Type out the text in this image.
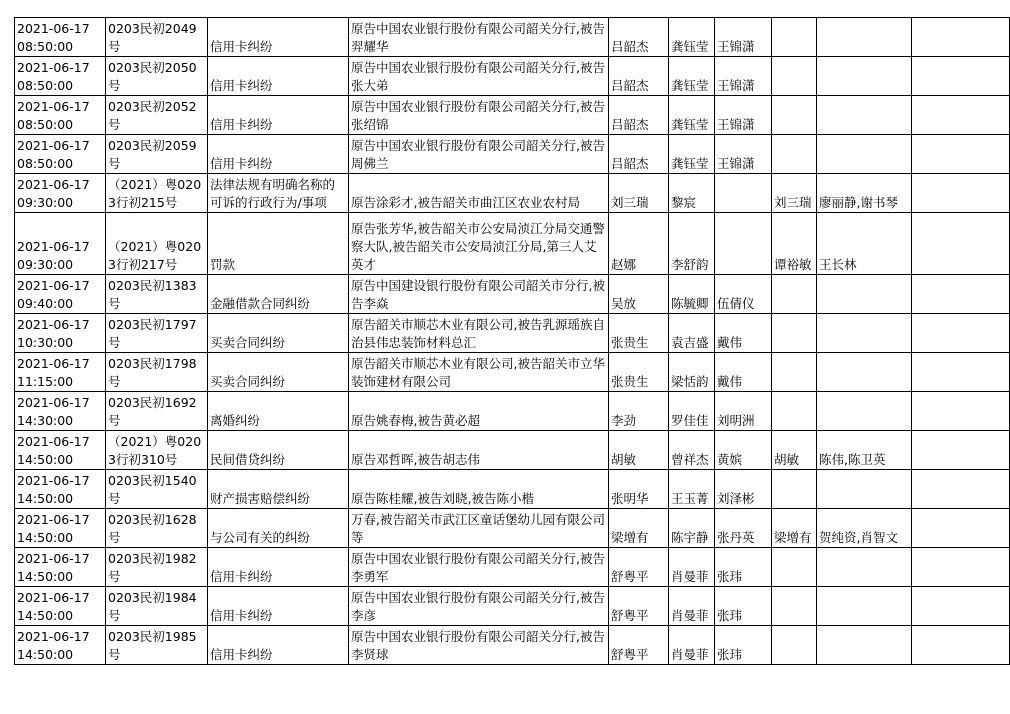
2021-06-17
08:50:00	0203民初2049号	信用卡纠纷	原告中国农业银行股份有限公司韶关分行,被告羿耀华	吕韶杰	龚钰莹	王锦潇			

2021-06-17
08:50:00	0203民初2050号	信用卡纠纷	原告中国农业银行股份有限公司韶关分行,被告张大弟	吕韶杰	龚钰莹	王锦潇			

2021-06-17
08:50:00	0203民初2052号	信用卡纠纷	原告中国农业银行股份有限公司韶关分行,被告张绍锦	吕韶杰	龚钰莹	王锦潇			

2021-06-17
08:50:00	0203民初2059号	信用卡纠纷	原告中国农业银行股份有限公司韶关分行,被告周佛兰	吕韶杰	龚钰莹	王锦潇			

2021-06-17
09:30:00	（2021）粤0203行初215号	法律法规有明确名称的可诉的行政行为/事项	原告涂彩才,被告韶关市曲江区农业农村局	刘三瑞	黎宸		刘三瑞	廖丽静,谢书琴	

2021-06-17
09:30:00	（2021）粤0203行初217号	罚款	原告张芳华,被告韶关市公安局浈江分局交通警察大队,被告韶关市公安局浈江分局,第三人艾英才	赵娜	李舒韵		谭裕敏	王长林	

2021-06-17
09:40:00	0203民初1383号	金融借款合同纠纷	原告中国建设银行股份有限公司韶关市分行,被告李焱	吴放	陈毓卿	伍倩仪			

2021-06-17
10:30:00	0203民初1797号	买卖合同纠纷	原告韶关市顺芯木业有限公司,被告乳源瑶族自治县伟忠装饰材料总汇	张贵生	袁吉盛	戴伟			

2021-06-17
11:15:00	0203民初1798号	买卖合同纠纷	原告韶关市顺芯木业有限公司,被告韶关市立华装饰建材有限公司	张贵生	梁恬韵	戴伟			

2021-06-17
14:30:00	0203民初1692号	离婚纠纷	原告姚春梅,被告黄必超	李劲	罗佳佳	刘明洲			

2021-06-17
14:50:00	（2021）粤0203行初310号	民间借贷纠纷	原告邓哲晖,被告胡志伟	胡敏	曾祥杰	黄嫔	胡敏	陈伟,陈卫英	

2021-06-17
14:50:00	0203民初1540号	财产损害赔偿纠纷	原告陈桂耀,被告刘晓,被告陈小楷	张明华	王玉菁	刘泽彬			

2021-06-17
14:50:00	0203民初1628号	与公司有关的纠纷	万春,被告韶关市武江区童话堡幼儿园有限公司等	梁增有	陈宇静	张丹英	梁增有	贺纯资,肖智文	

2021-06-17
14:50:00	0203民初1982号	信用卡纠纷	原告中国农业银行股份有限公司韶关分行,被告李勇军	舒粤平	肖曼菲	张玮			

2021-06-17
14:50:00	0203民初1984号	信用卡纠纷	原告中国农业银行股份有限公司韶关分行,被告李彦	舒粤平	肖曼菲	张玮			

2021-06-17
14:50:00	0203民初1985号	信用卡纠纷	原告中国农业银行股份有限公司韶关分行,被告李贤球	舒粤平	肖曼菲	张玮			
